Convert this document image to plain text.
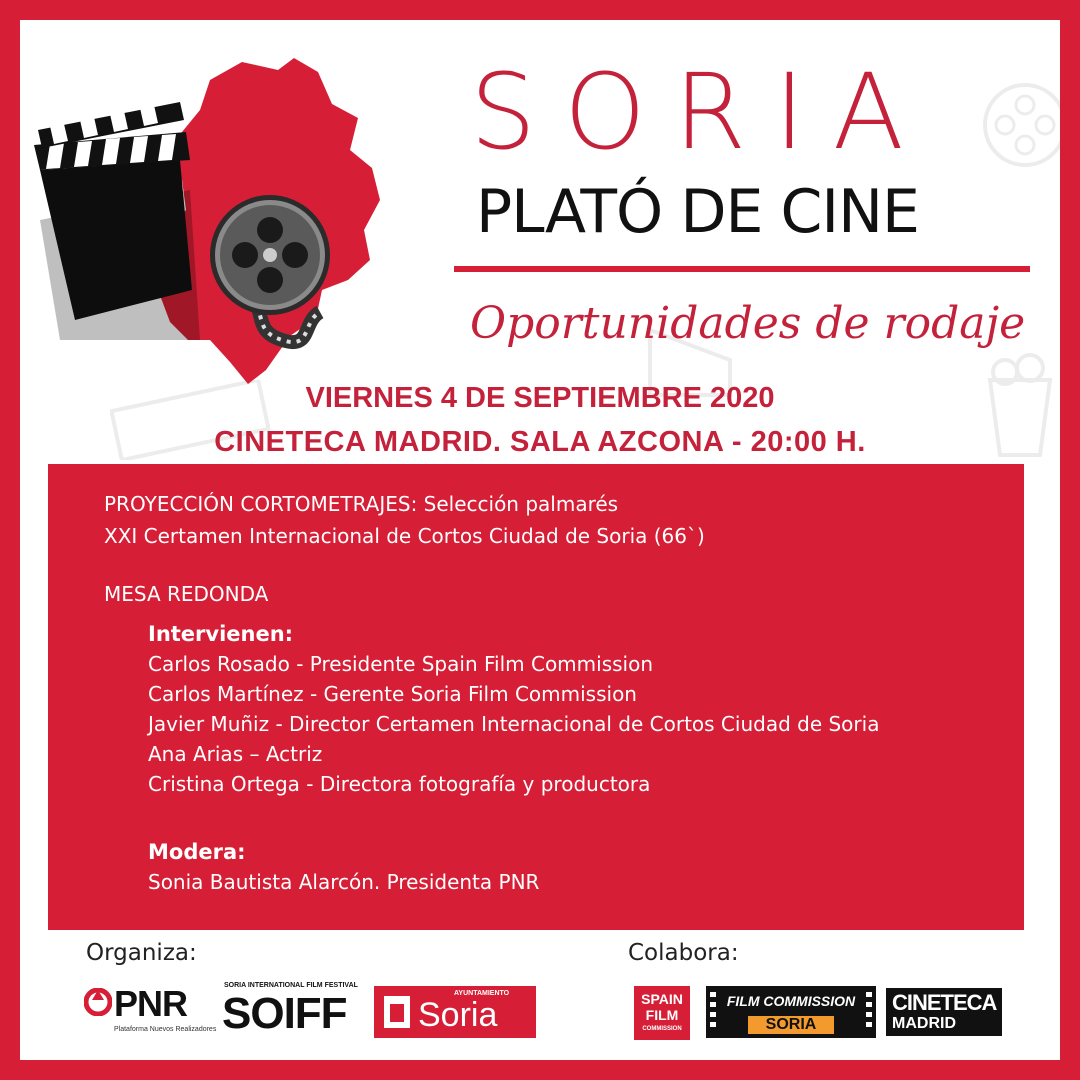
SORIA
PLATÓ DE CINE
Oportunidades de rodaje
VIERNES 4 DE SEPTIEMBRE 2020
CINETECA MADRID. SALA AZCONA - 20:00 H.
PROYECCIÓN CORTOMETRAJES: Selección palmarés
XXI Certamen Internacional de Cortos Ciudad de Soria (66`)
MESA REDONDA
Intervienen:
Carlos Rosado - Presidente Spain Film Commission
Carlos Martínez - Gerente Soria Film Commission
Javier Muñiz - Director Certamen Internacional de Cortos Ciudad de Soria
Ana Arias – Actriz
Cristina Ortega - Directora fotografía y productora
Modera:
Sonia Bautista Alarcón. Presidenta PNR
Organiza:	Colabora:
PNR
Plataforma Nuevos Realizadores
SORIA INTERNATIONAL FILM FESTIVAL
SOIFF	AYUNTAMIENTO
Soria	SPAIN
FILM
COMMISSION
FILM COMMISSION
SORIA
CINETECA
MADRID
